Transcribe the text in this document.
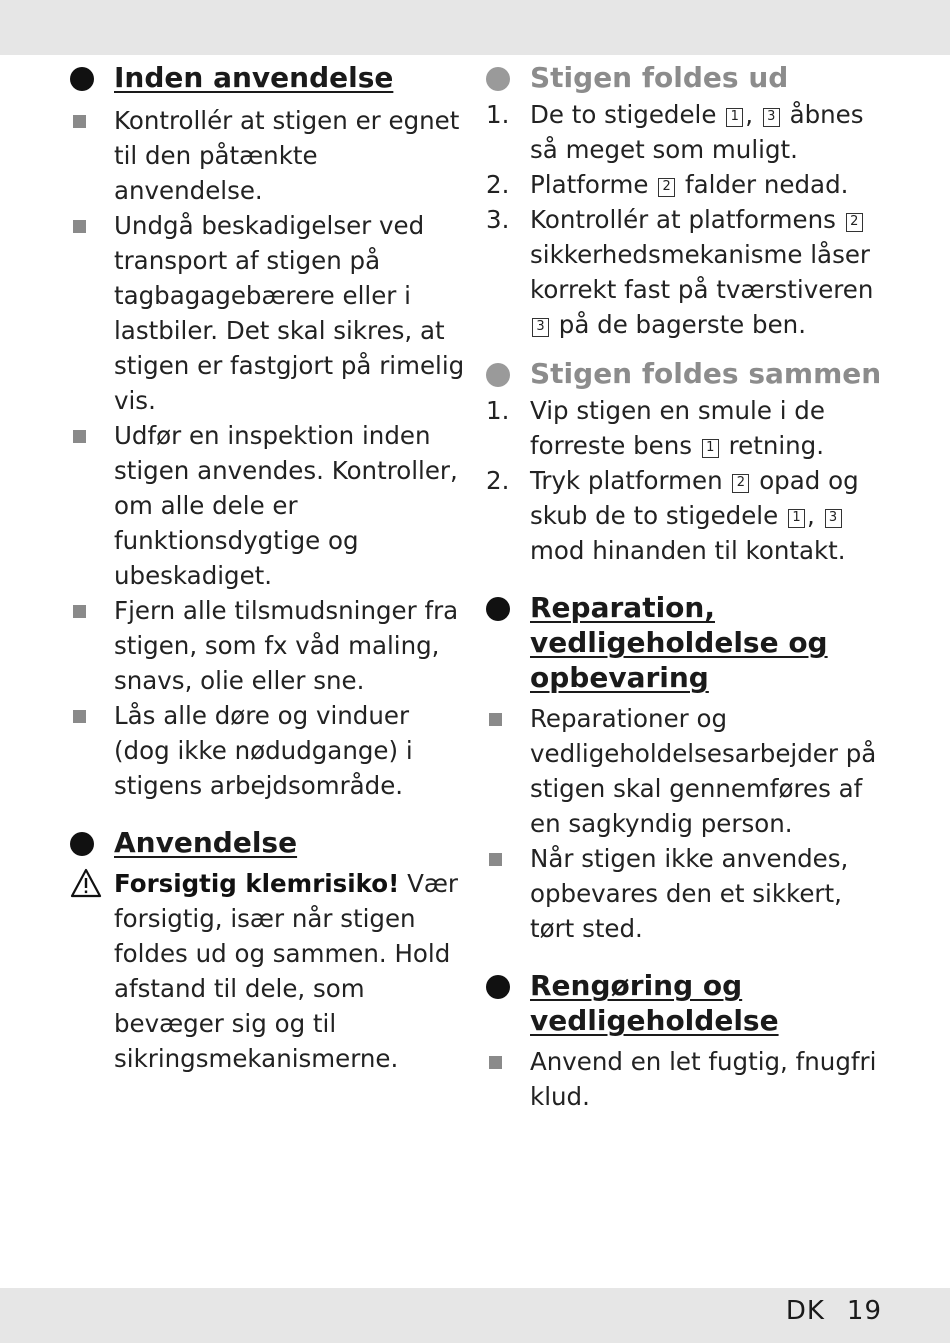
Inden anvendelse
Kontrollér at stigen er egnet til den påtænkte anvendelse.
Undgå beskadigelser ved transport af stigen på tagbagagebærere eller i lastbiler. Det skal sikres, at stigen er fastgjort på rimelig vis.
Udfør en inspektion inden stigen anvendes. Kontroller, om alle dele er funktionsdygtige og ubeskadiget.
Fjern alle tilsmudsninger fra stigen, som fx våd maling, snavs, olie eller sne.
Lås alle døre og vinduer (dog ikke nødudgange) i stigens arbejdsområde.
Anvendelse
Forsigtig klemrisiko! Vær forsigtig, især når stigen foldes ud og sammen. Hold afstand til dele, som bevæger sig og til sikringsmekanismerne.
Stigen foldes ud
1. De to stigedele 1 , 3 åbnes så meget som muligt.
2. Platforme 2 falder nedad.
3. Kontrollér at platformens 2 sikkerhedsmekanisme låser korrekt fast på tværstiveren 3 på de bagerste ben.
Stigen foldes sammen
1. Vip stigen en smule i de forreste bens 1 retning.
2. Tryk platformen 2 opad og skub de to stigedele 1 , 3 mod hinanden til kontakt.
Reparation,
vedligeholdelse og
opbevaring
Reparationer og vedligeholdelsesarbejder på stigen skal gennemføres af en sagkyndig person.
Når stigen ikke anvendes, opbevares den et sikkert, tørt sted.
Rengøring og
vedligeholdelse
Anvend en let fugtig, fnugfri klud.
DK 19
